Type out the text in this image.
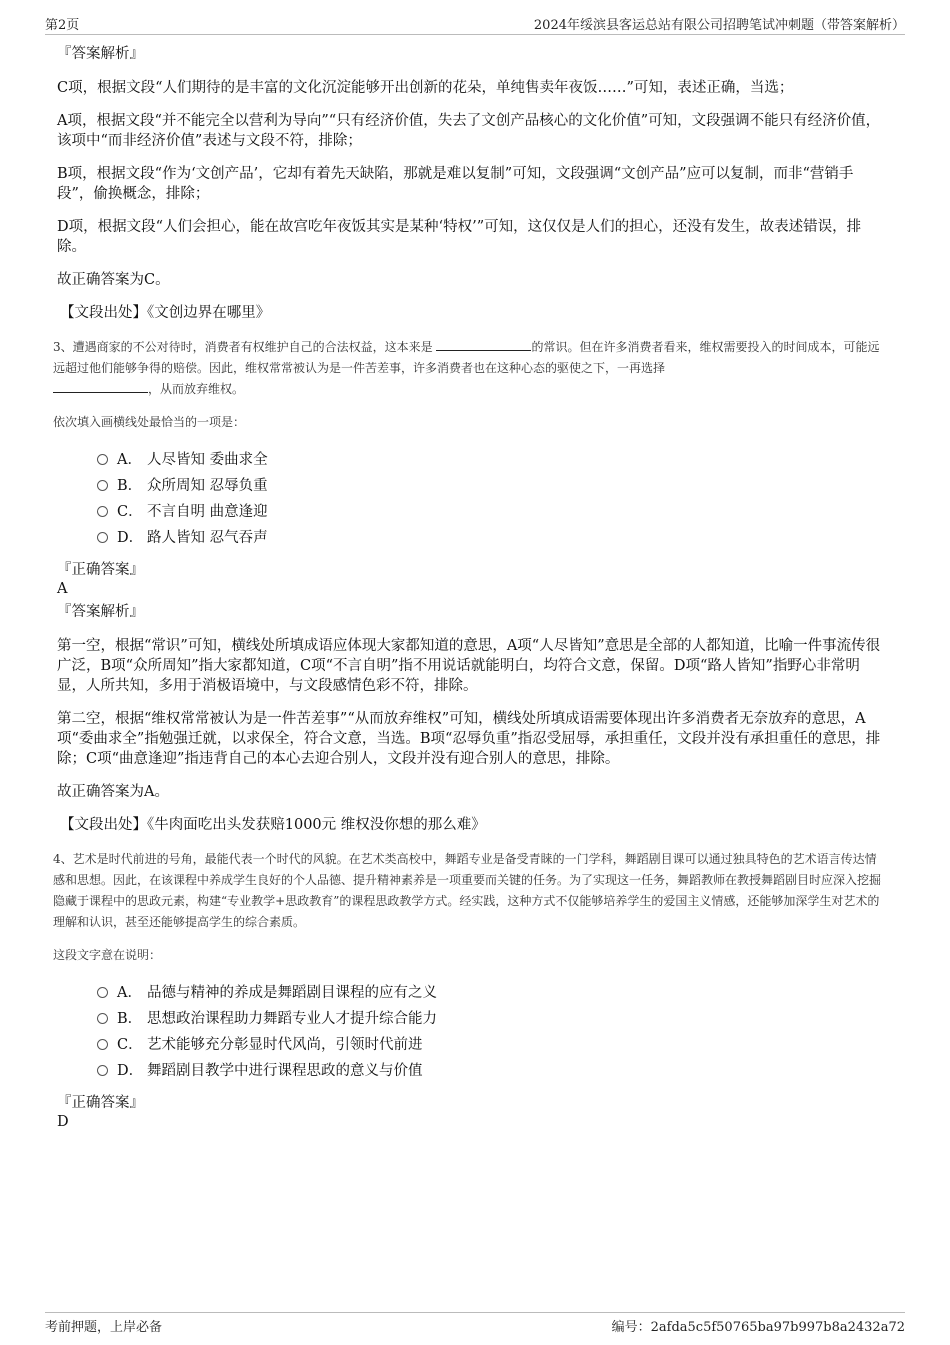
第2页	2024年绥滨县客运总站有限公司招聘笔试冲刺题（带答案解析）

『答案解析』

C项，根据文段“人们期待的是丰富的文化沉淀能够开出创新的花朵，单纯售卖年夜饭……”可知，表述正确，当选；

A项，根据文段“并不能完全以营利为导向”“只有经济价值，失去了文创产品核心的文化价值”可知，文段强调不能只有经济价值，该项中“而非经济价值”表述与文段不符，排除；

B项，根据文段“作为‘文创产品’，它却有着先天缺陷，那就是难以复制”可知，文段强调“文创产品”应可以复制，而非“营销手段”，偷换概念，排除；

D项，根据文段“人们会担心，能在故宫吃年夜饭其实是某种‘特权’”可知，这仅仅是人们的担心，还没有发生，故表述错误，排除。

故正确答案为C。

【文段出处】《文创边界在哪里》

3、遭遇商家的不公对待时，消费者有权维护自己的合法权益，这本来是	的常识。但在许多消费者看来，维权需要投入的时间成本，可能远远超过他们能够争得的赔偿。因此，维权常常被认为是一件苦差事，许多消费者也在这种心态的驱使之下，一再选择
，从而放弃维权。

依次填入画横线处最恰当的一项是：

A． 人尽皆知 委曲求全
B． 众所周知 忍辱负重
C． 不言自明 曲意逢迎
D． 路人皆知 忍气吞声

『正确答案』

A

『答案解析』

第一空，根据“常识”可知，横线处所填成语应体现大家都知道的意思，A项“人尽皆知”意思是全部的人都知道，比喻一件事流传很广泛，B项“众所周知”指大家都知道，C项“不言自明”指不用说话就能明白，均符合文意，保留。D项“路人皆知”指野心非常明显，人所共知，多用于消极语境中，与文段感情色彩不符，排除。

第二空，根据“维权常常被认为是一件苦差事”“从而放弃维权”可知，横线处所填成语需要体现出许多消费者无奈放弃的意思，A项“委曲求全”指勉强迁就，以求保全，符合文意，当选。B项“忍辱负重”指忍受屈辱，承担重任，文段并没有承担重任的意思，排除；C项“曲意逢迎”指违背自己的本心去迎合别人，文段并没有迎合别人的意思，排除。

故正确答案为A。

【文段出处】《牛肉面吃出头发获赔1000元 维权没你想的那么难》

4、艺术是时代前进的号角，最能代表一个时代的风貌。在艺术类高校中，舞蹈专业是备受青睐的一门学科，舞蹈剧目课可以通过独具特色的艺术语言传达情感和思想。因此，在该课程中养成学生良好的个人品德、提升精神素养是一项重要而关键的任务。为了实现这一任务，舞蹈教师在教授舞蹈剧目时应深入挖掘隐藏于课程中的思政元素，构建“专业教学+思政教育”的课程思政教学方式。经实践，这种方式不仅能够培养学生的爱国主义情感，还能够加深学生对艺术的理解和认识，甚至还能够提高学生的综合素质。

这段文字意在说明：

A． 品德与精神的养成是舞蹈剧目课程的应有之义
B． 思想政治课程助力舞蹈专业人才提升综合能力
C． 艺术能够充分彰显时代风尚，引领时代前进
D． 舞蹈剧目教学中进行课程思政的意义与价值

『正确答案』

D

考前押题，上岸必备	编号：2afda5c5f50765ba97b997b8a2432a72
